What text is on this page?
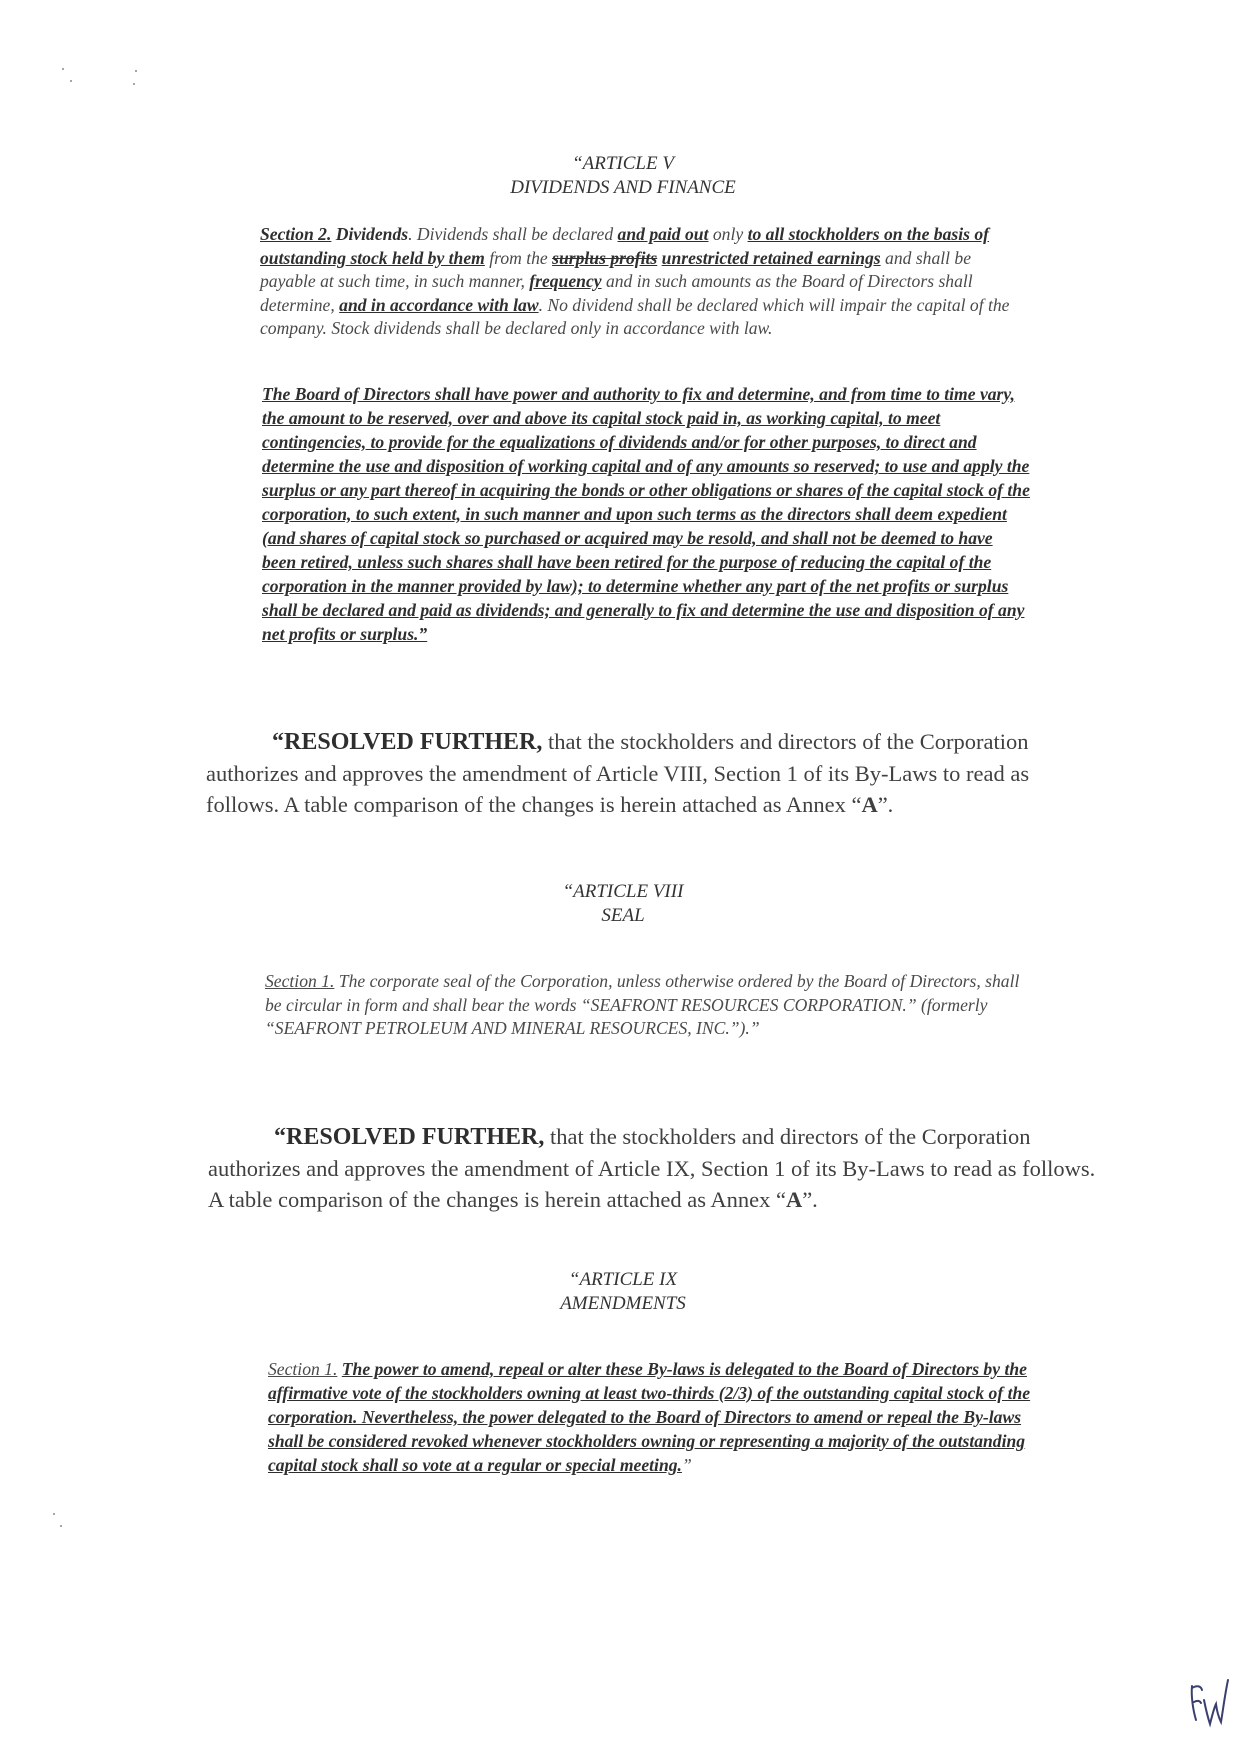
“ARTICLE V
DIVIDENDS AND FINANCE

Section 2. Dividends. Dividends shall be declared and paid out only to all stockholders on the basis of outstanding stock held by them from the surplus profits unrestricted retained earnings and shall be payable at such time, in such manner, frequency and in such amounts as the Board of Directors shall determine, and in accordance with law. No dividend shall be declared which will impair the capital of the company. Stock dividends shall be declared only in accordance with law.

The Board of Directors shall have power and authority to fix and determine, and from time to time vary, the amount to be reserved, over and above its capital stock paid in, as working capital, to meet contingencies, to provide for the equalizations of dividends and/or for other purposes, to direct and determine the use and disposition of working capital and of any amounts so reserved; to use and apply the surplus or any part thereof in acquiring the bonds or other obligations or shares of the capital stock of the corporation, to such extent, in such manner and upon such terms as the directors shall deem expedient (and shares of capital stock so purchased or acquired may be resold, and shall not be deemed to have been retired, unless such shares shall have been retired for the purpose of reducing the capital of the corporation in the manner provided by law); to determine whether any part of the net profits or surplus shall be declared and paid as dividends; and generally to fix and determine the use and disposition of any net profits or surplus.”

“RESOLVED FURTHER, that the stockholders and directors of the Corporation authorizes and approves the amendment of Article VIII, Section 1 of its By-Laws to read as follows. A table comparison of the changes is herein attached as Annex “A”.
“ARTICLE VIII
SEAL

Section 1. The corporate seal of the Corporation, unless otherwise ordered by the Board of Directors, shall be circular in form and shall bear the words “SEAFRONT RESOURCES CORPORATION.” (formerly “SEAFRONT PETROLEUM AND MINERAL RESOURCES, INC.”).”

“RESOLVED FURTHER, that the stockholders and directors of the Corporation authorizes and approves the amendment of Article IX, Section 1 of its By-Laws to read as follows. A table comparison of the changes is herein attached as Annex “A”.
“ARTICLE IX
AMENDMENTS

Section 1. The power to amend, repeal or alter these By-laws is delegated to the Board of Directors by the affirmative vote of the stockholders owning at least two-thirds (2/3) of the outstanding capital stock of the corporation. Nevertheless, the power delegated to the Board of Directors to amend or repeal the By-laws shall be considered revoked whenever stockholders owning or representing a majority of the outstanding capital stock shall so vote at a regular or special meeting.”
